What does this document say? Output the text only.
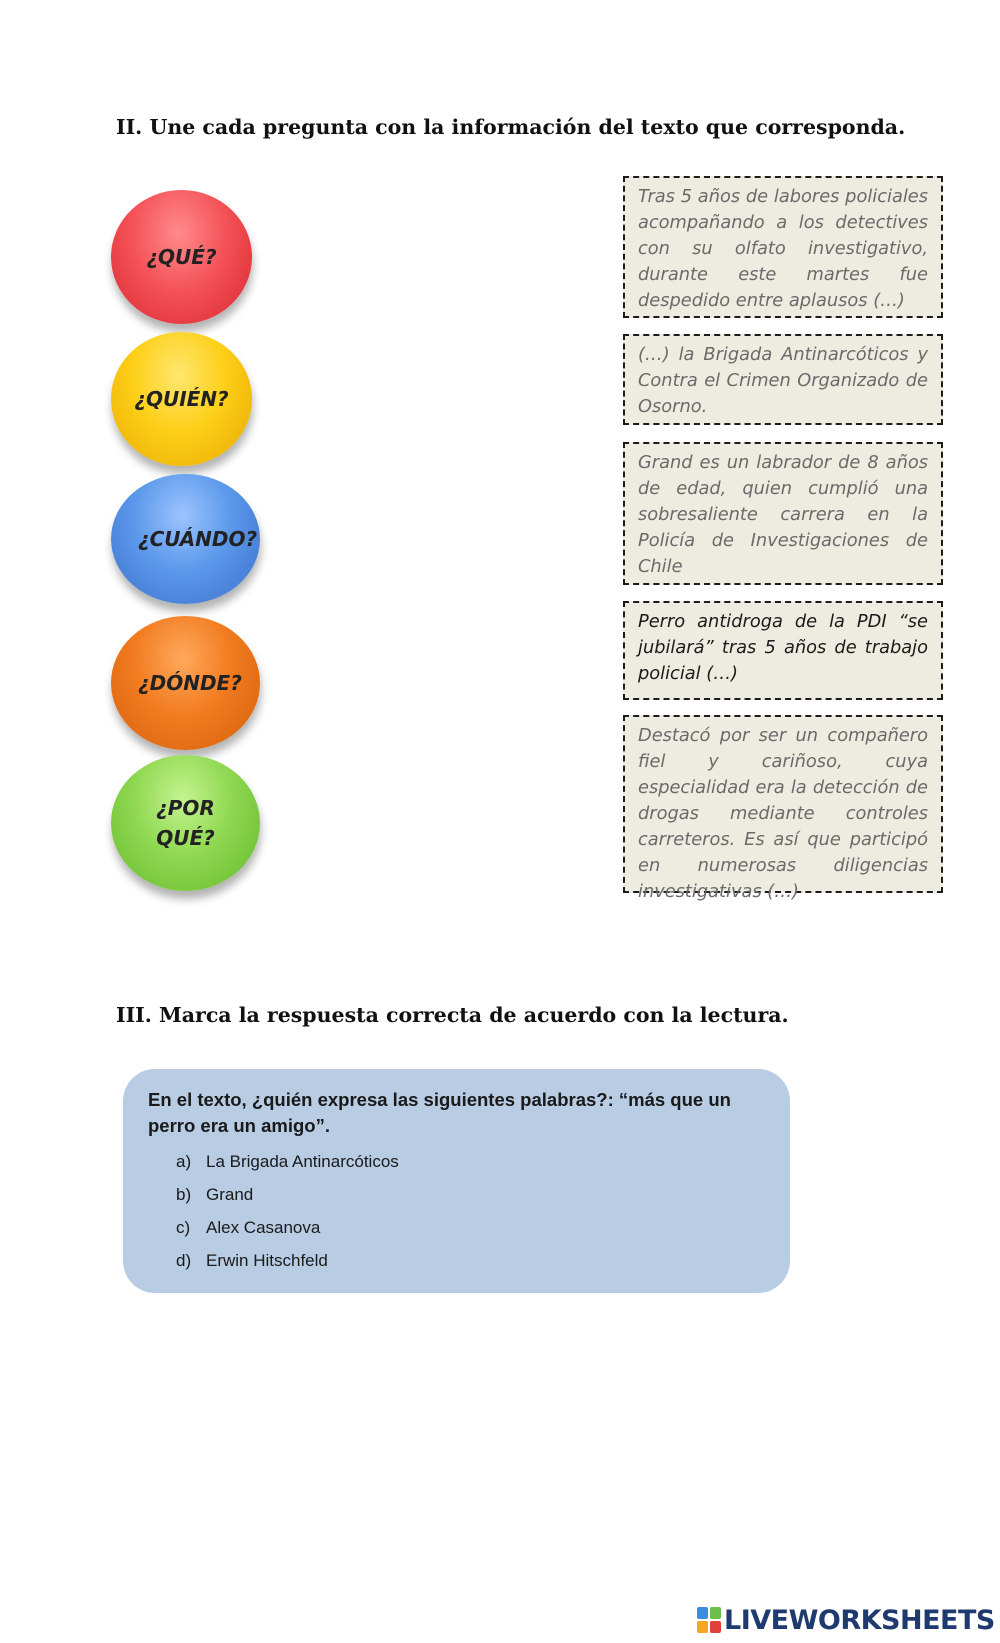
II. Une cada pregunta con la información del texto que corresponda.
¿QUÉ?
¿QUIÉN?
¿CUÁNDO?
¿DÓNDE?
¿POR QUÉ?
Tras 5 años de labores policiales acompañando a los detectives con su olfato investigativo, durante este martes fue despedido entre aplausos (…)
(…) la Brigada Antinarcóticos y Contra el Crimen Organizado de Osorno.
Grand es un labrador de 8 años de edad, quien cumplió una sobresaliente carrera en la Policía de Investigaciones de Chile
Perro antidroga de la PDI “se jubilará” tras 5 años de trabajo policial (…)
Destacó por ser un compañero fiel y cariñoso, cuya especialidad era la detección de drogas mediante controles carreteros. Es así que participó en numerosas diligencias investigativas (…)
III. Marca la respuesta correcta de acuerdo con la lectura.

En el texto, ¿quién expresa las siguientes palabras?: “más que un perro era un amigo”.

a) La Brigada Antinarcóticos
b) Grand
c) Alex Casanova
d) Erwin Hitschfeld
LIVEWORKSHEETS
